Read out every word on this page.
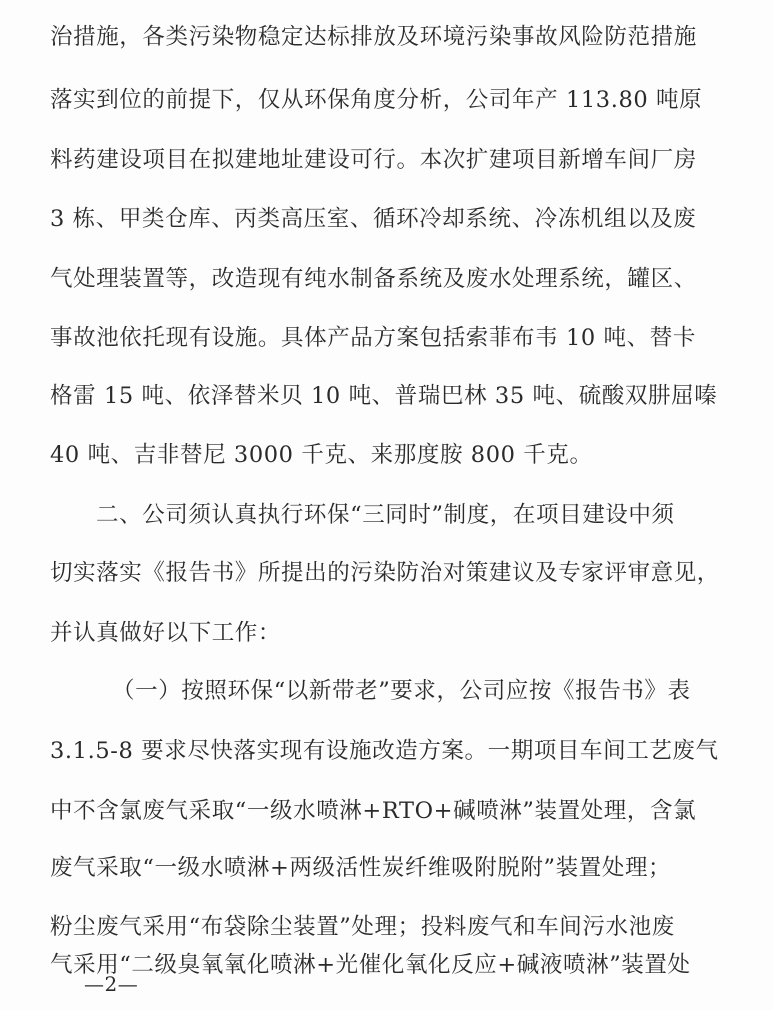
治措施，各类污染物稳定达标排放及环境污染事故风险防范措施
落实到位的前提下，仅从环保角度分析，公司年产 113.80 吨原
料药建设项目在拟建地址建设可行。本次扩建项目新增车间厂房
3 栋、甲类仓库、丙类高压室、循环冷却系统、冷冻机组以及废
气处理装置等，改造现有纯水制备系统及废水处理系统，罐区、
事故池依托现有设施。具体产品方案包括索菲布韦 10 吨、替卡
格雷 15 吨、依泽替米贝 10 吨、普瑞巴林 35 吨、硫酸双肼屈嗪
40 吨、吉非替尼 3000 千克、来那度胺 800 千克。
二、公司须认真执行环保“三同时”制度，在项目建设中须
切实落实《报告书》所提出的污染防治对策建议及专家评审意见，
并认真做好以下工作：
（一）按照环保“以新带老”要求，公司应按《报告书》表
3.1.5-8 要求尽快落实现有设施改造方案。一期项目车间工艺废气
中不含氯废气采取“一级水喷淋+RTO+碱喷淋”装置处理，含氯
废气采取“一级水喷淋+两级活性炭纤维吸附脱附”装置处理；
粉尘废气采用“布袋除尘装置”处理；投料废气和车间污水池废
气采用“二级臭氧氧化喷淋+光催化氧化反应+碱液喷淋”装置处
—2—
